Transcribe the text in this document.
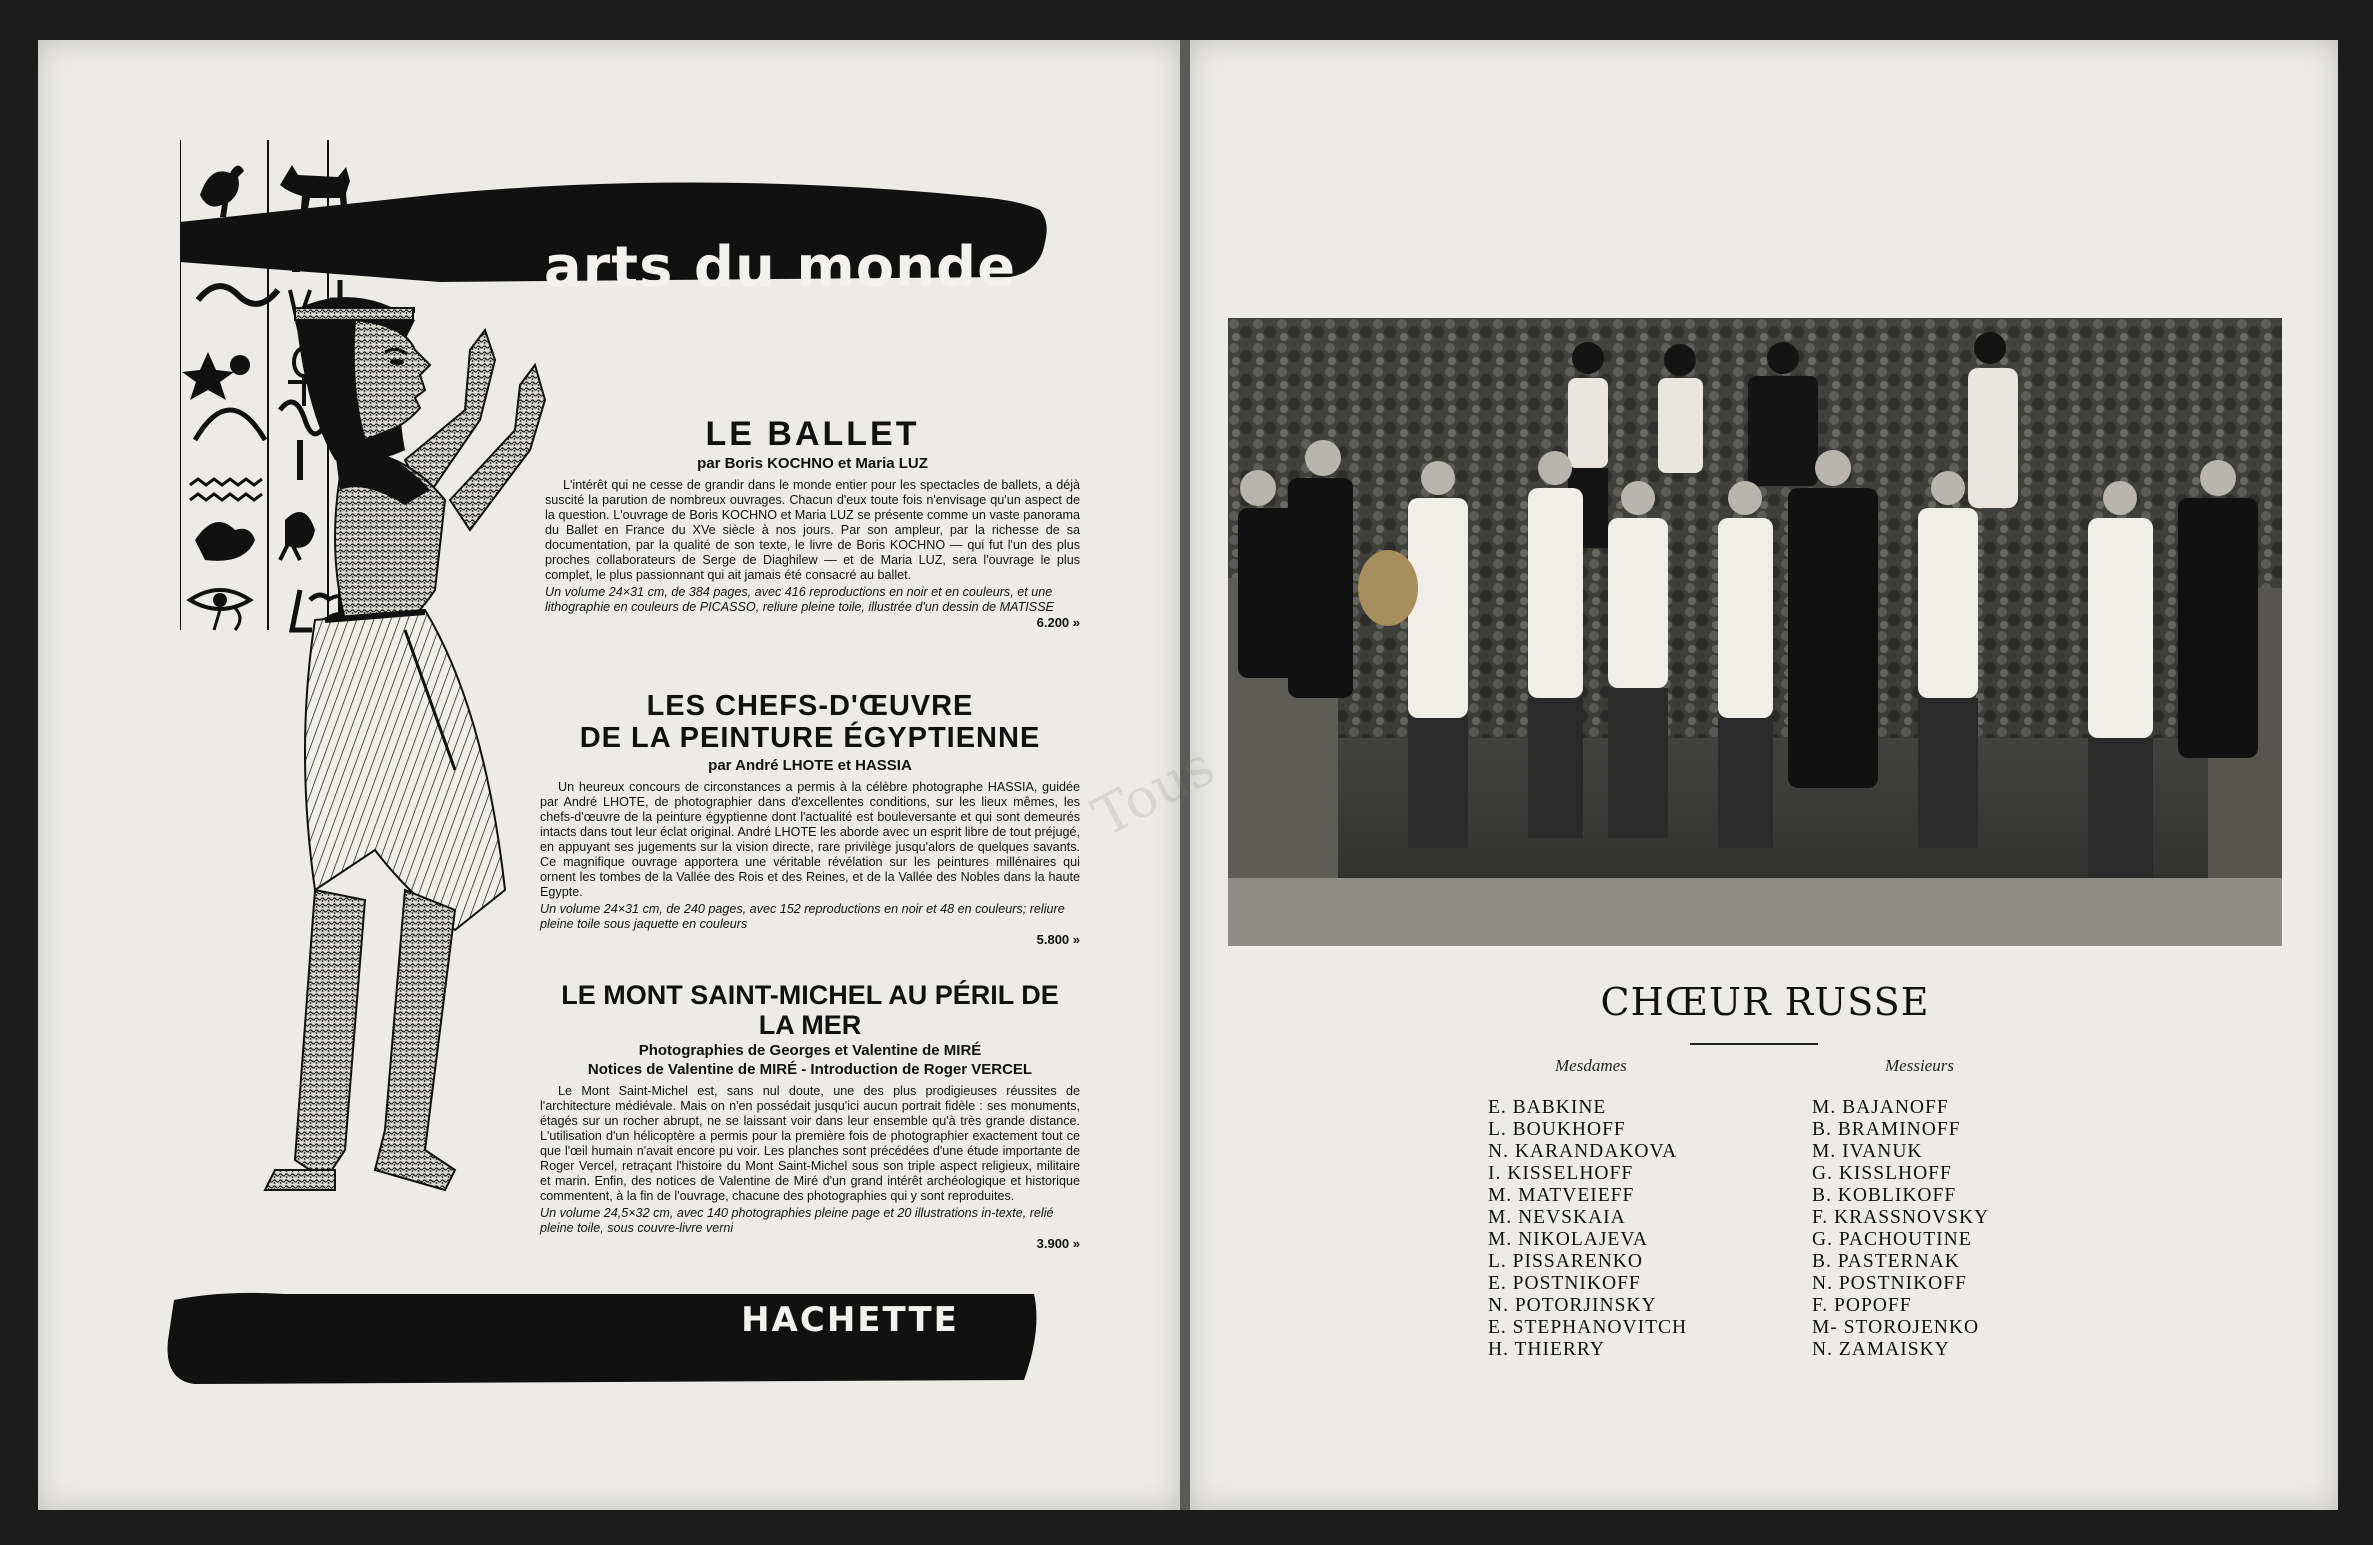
arts du monde
HACHETTE
LE BALLET
par Boris KOCHNO et Maria LUZ

L'intérêt qui ne cesse de grandir dans le monde entier pour les spectacles de ballets, a déjà suscité la parution de nombreux ouvrages. Chacun d'eux toute fois n'envisage qu'un aspect de la question. L'ouvrage de Boris KOCHNO et Maria LUZ se présente comme un vaste panorama du Ballet en France du XVe siècle à nos jours. Par son ampleur, par la richesse de sa documentation, par la qualité de son texte, le livre de Boris KOCHNO — qui fut l'un des plus proches collaborateurs de Serge de Diaghilew — et de Maria LUZ, sera l'ouvrage le plus complet, le plus passionnant qui ait jamais été consacré au ballet.

Un volume 24×31 cm, de 384 pages, avec 416 reproductions en noir et en couleurs, et une lithographie en couleurs de PICASSO, reliure pleine toile, illustrée d'un dessin de MATISSE
6.200 »

LES CHEFS-D'ŒUVRE
DE LA PEINTURE ÉGYPTIENNE
par André LHOTE et HASSIA

Un heureux concours de circonstances a permis à la célèbre photographe HASSIA, guidée par André LHOTE, de photographier dans d'excellentes conditions, sur les lieux mêmes, les chefs-d'œuvre de la peinture égyptienne dont l'actualité est bouleversante et qui sont demeurés intacts dans tout leur éclat original. André LHOTE les aborde avec un esprit libre de tout préjugé, en appuyant ses jugements sur la vision directe, rare privilège jusqu'alors de quelques savants. Ce magnifique ouvrage apportera une véritable révélation sur les peintures millénaires qui ornent les tombes de la Vallée des Rois et des Reines, et de la Vallée des Nobles dans la haute Egypte.

Un volume 24×31 cm, de 240 pages, avec 152 reproductions en noir et 48 en couleurs; reliure pleine toile sous jaquette en couleurs
5.800 »

LE MONT SAINT-MICHEL AU PÉRIL DE LA MER
Photographies de Georges et Valentine de MIRÉ
Notices de Valentine de MIRÉ - Introduction de Roger VERCEL

Le Mont Saint-Michel est, sans nul doute, une des plus prodigieuses réussites de l'architecture médiévale. Mais on n'en possédait jusqu'ici aucun portrait fidèle : ses monuments, étagés sur un rocher abrupt, ne se laissant voir dans leur ensemble qu'à très grande distance. L'utilisation d'un hélicoptère a permis pour la première fois de photographier exactement tout ce que l'œil humain n'avait encore pu voir. Les planches sont précédées d'une étude importante de Roger Vercel, retraçant l'histoire du Mont Saint-Michel sous son triple aspect religieux, militaire et marin. Enfin, des notices de Valentine de Miré d'un grand intérêt archéologique et historique commentent, à la fin de l'ouvrage, chacune des photographies qui y sont reproduites.

Un volume 24,5×32 cm, avec 140 photographies pleine page et 20 illustrations in-texte, relié pleine toile, sous couvre-livre verni
3.900 »

Tous
CHŒUR RUSSE
Mesdames	Messieurs
E. BABKINE
L. BOUKHOFF
N. KARANDAKOVA
I. KISSELHOFF
M. MATVEIEFF
M. NEVSKAIA
M. NIKOLAJEVA
L. PISSARENKO
E. POSTNIKOFF
N. POTORJINSKY
E. STEPHANOVITCH
H. THIERRY
M. BAJANOFF
B. BRAMINOFF
M. IVANUK
G. KISSLHOFF
B. KOBLIKOFF
F. KRASSNOVSKY
G. PACHOUTINE
B. PASTERNAK
N. POSTNIKOFF
F. POPOFF
M- STOROJENKO
N. ZAMAISKY
